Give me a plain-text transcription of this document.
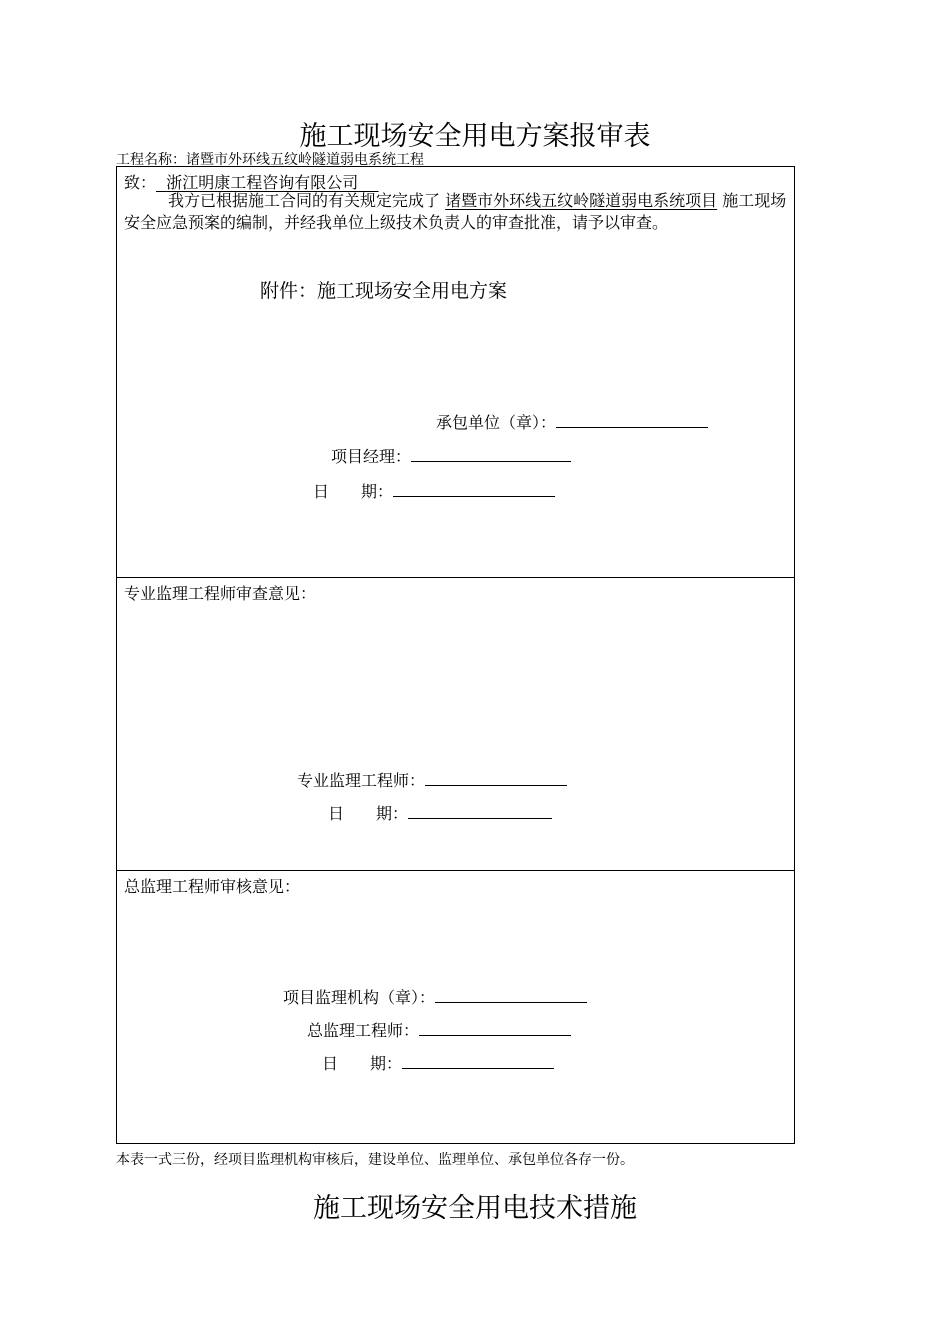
施工现场安全用电方案报审表
工程名称：诸暨市外环线五纹岭隧道弱电系统工程
致： 浙江明康工程咨询有限公司
我方已根据施工合同的有关规定完成了 诸暨市外环线五纹岭隧道弱电系统项目 施工现场安全应急预案的编制，并经我单位上级技术负责人的审查批准，请予以审查。
附件：施工现场安全用电方案
承包单位（章）：
项目经理：
日　　期：
专业监理工程师审查意见：
专业监理工程师：
日　　期：
总监理工程师审核意见：
项目监理机构（章）：
总监理工程师：
日　　期：
本表一式三份，经项目监理机构审核后，建设单位、监理单位、承包单位各存一份。
施工现场安全用电技术措施
